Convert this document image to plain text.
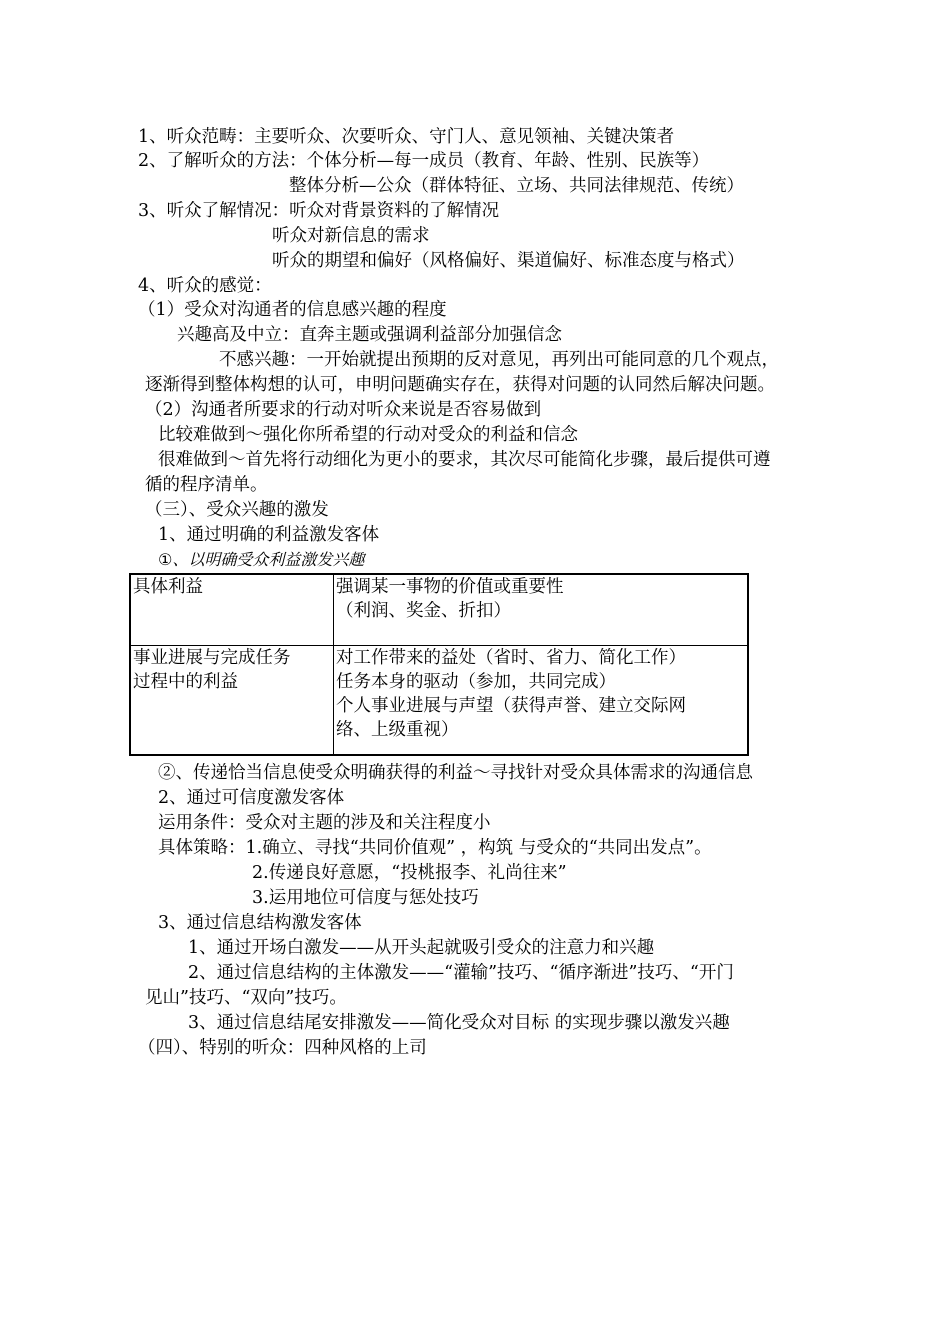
1、听众范畴：主要听众、次要听众、守门人、意见领袖、关键决策者
2、了解听众的方法：个体分析—每一成员（教育、年龄、性别、民族等）
整体分析—公众（群体特征、立场、共同法律规范、传统）
3、听众了解情况：听众对背景资料的了解情况
听众对新信息的需求
听众的期望和偏好（风格偏好、渠道偏好、标准态度与格式）
4、听众的感觉：
（1）受众对沟通者的信息感兴趣的程度
兴趣高及中立：直奔主题或强调利益部分加强信念
不感兴趣：一开始就提出预期的反对意见，再列出可能同意的几个观点，
逐渐得到整体构想的认可，申明问题确实存在，获得对问题的认同然后解决问题。
（2）沟通者所要求的行动对听众来说是否容易做到
比较难做到～强化你所希望的行动对受众的利益和信念
很难做到～首先将行动细化为更小的要求，其次尽可能简化步骤，最后提供可遵
循的程序清单。
（三）、受众兴趣的激发
1、通过明确的利益激发客体
①、以明确受众利益激发兴趣
具体利益	强调某一事物的价值或重要性
（利润、奖金、折扣）

事业进展与完成任务
过程中的利益	对工作带来的益处（省时、省力、简化工作）
任务本身的驱动（参加，共同完成）
个人事业进展与声望（获得声誉、建立交际网
络、上级重视）
②、传递恰当信息使受众明确获得的利益～寻找针对受众具体需求的沟通信息
2、通过可信度激发客体
运用条件：受众对主题的涉及和关注程度小
具体策略：1.确立、寻找“共同价值观” ，构筑 与受众的“共同出发点”。
2.传递良好意愿，“投桃报李、礼尚往来”
3.运用地位可信度与惩处技巧
3、通过信息结构激发客体
1、通过开场白激发——从开头起就吸引受众的注意力和兴趣
2、通过信息结构的主体激发——“灌输”技巧、“循序渐进”技巧、“开门
见山”技巧、“双向”技巧。
3、通过信息结尾安排激发——简化受众对目标 的实现步骤以激发兴趣
（四）、特别的听众：四种风格的上司
